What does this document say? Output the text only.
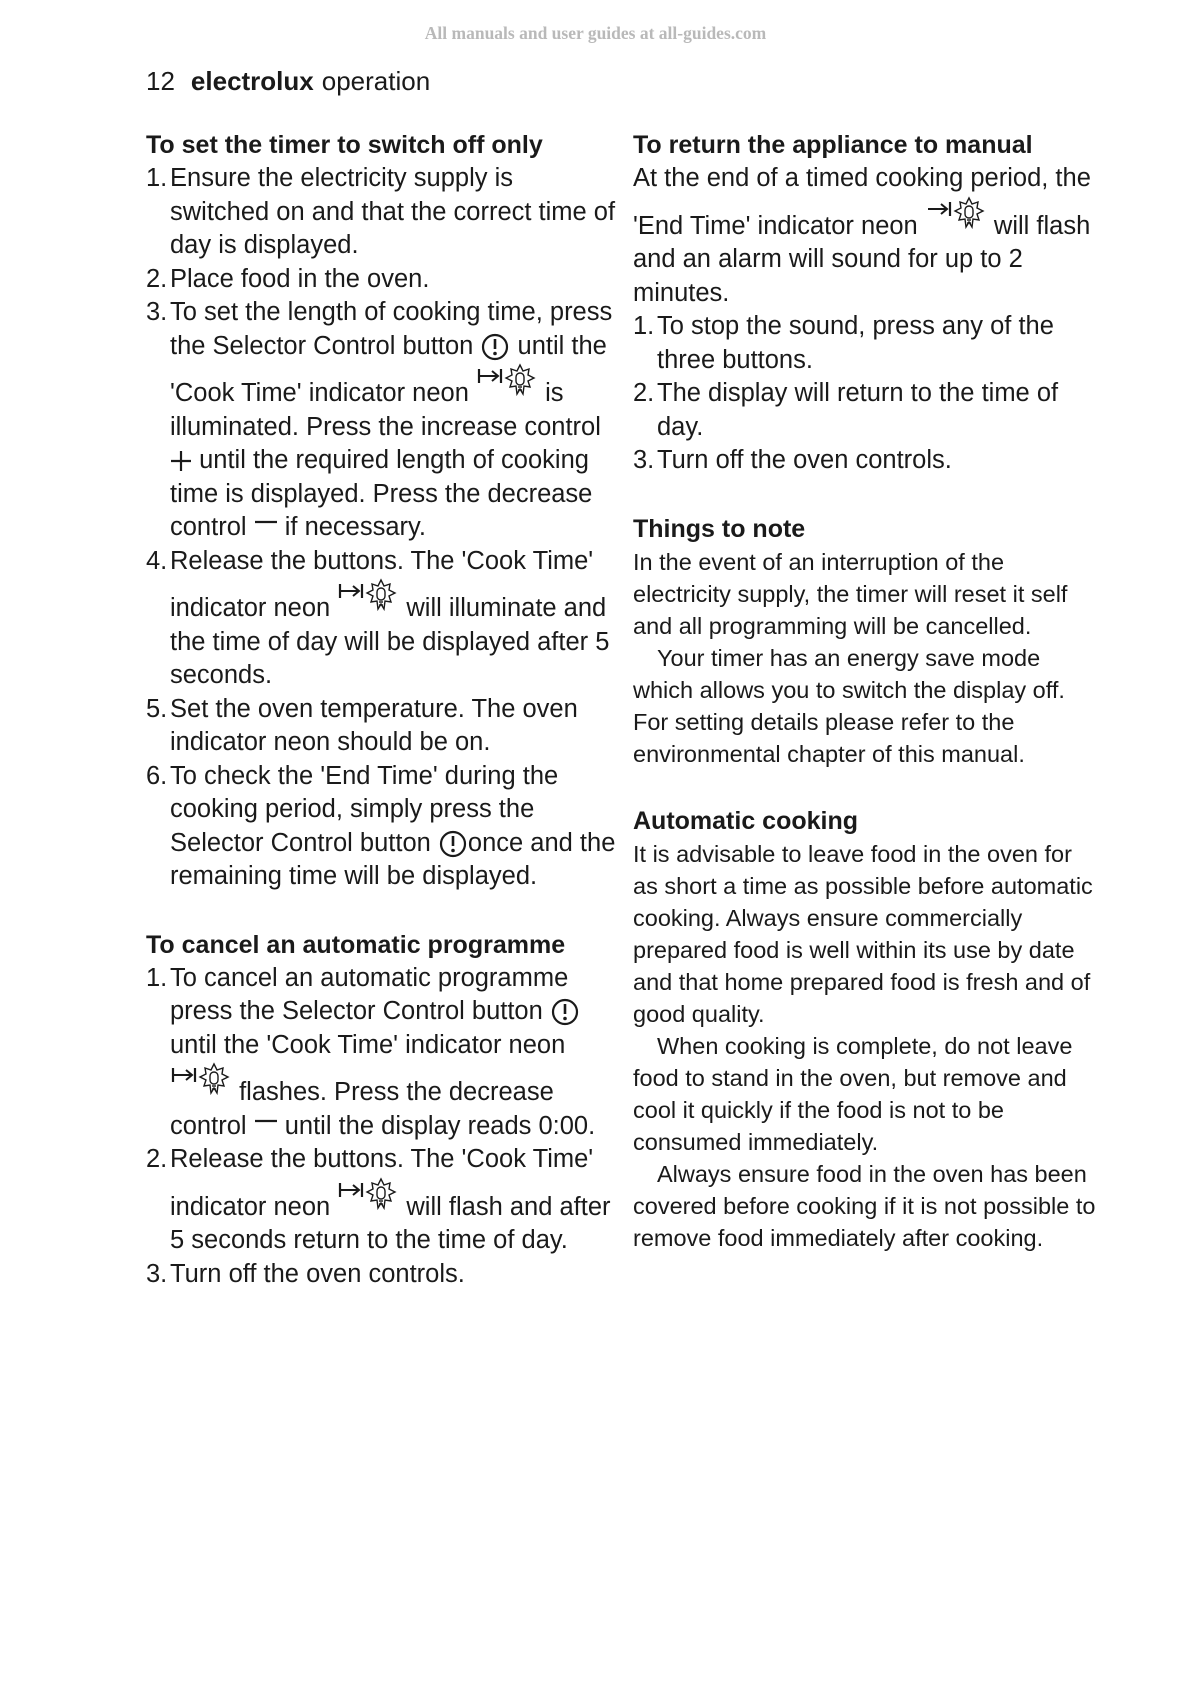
All manuals and user guides at all-guides.com
12 electrolux operation
To set the timer to switch off only
1. Ensure the electricity supply is switched on and that the correct time of day is displayed.
2. Place food in the oven.
3. To set the length of cooking time, press the Selector Control button until the 'Cook Time' indicator neon	is illuminated. Press the increase control
until the required length of cooking time is displayed. Press the decrease control if necessary.
4. Release the buttons. The 'Cook Time' indicator neon	will illuminate and the time of day will be displayed after 5 seconds.
5. Set the oven temperature. The oven indicator neon should be on.
6. To check the 'End Time' during the cooking period, simply press the Selector Control button once and the remaining time will be displayed.
To cancel an automatic programme
1. To cancel an automatic programme press the Selector Control button
until the 'Cook Time' indicator neon
flashes. Press the decrease control until the display reads 0:00.
2. Release the buttons. The 'Cook Time' indicator neon	will flash and after 5 seconds return to the time of day.
3. Turn off the oven controls.
To return the appliance to manual

At the end of a timed cooking period, the 'End Time' indicator neon	will flash and an alarm will sound for up to 2 minutes.

1. To stop the sound, press any of the three buttons.
2. The display will return to the time of day.
3. Turn off the oven controls.
Things to note

In the event of an interruption of the electricity supply, the timer will reset it self and all programming will be cancelled.

Your timer has an energy save mode which allows you to switch the display off. For setting details please refer to the environmental chapter of this manual.

Automatic cooking

It is advisable to leave food in the oven for as short a time as possible before automatic cooking. Always ensure commercially prepared food is well within its use by date and that home prepared food is fresh and of good quality.

When cooking is complete, do not leave food to stand in the oven, but remove and cool it quickly if the food is not to be consumed immediately.

Always ensure food in the oven has been covered before cooking if it is not possible to remove food immediately after cooking.
